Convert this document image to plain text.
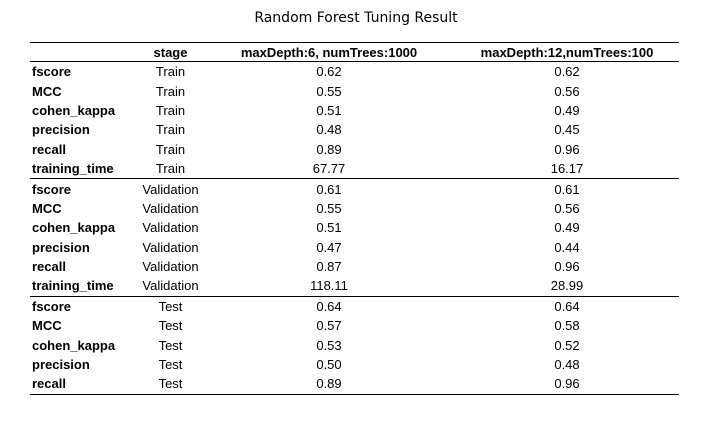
Random Forest Tuning Result
	stage	maxDepth:6, numTrees:1000	maxDepth:12,numTrees:100
fscore	Train	0.62	0.62
MCC	Train	0.55	0.56
cohen_kappa	Train	0.51	0.49
precision	Train	0.48	0.45
recall	Train	0.89	0.96
training_time	Train	67.77	16.17
fscore	Validation	0.61	0.61
MCC	Validation	0.55	0.56
cohen_kappa	Validation	0.51	0.49
precision	Validation	0.47	0.44
recall	Validation	0.87	0.96
training_time	Validation	118.11	28.99
fscore	Test	0.64	0.64
MCC	Test	0.57	0.58
cohen_kappa	Test	0.53	0.52
precision	Test	0.50	0.48
recall	Test	0.89	0.96
